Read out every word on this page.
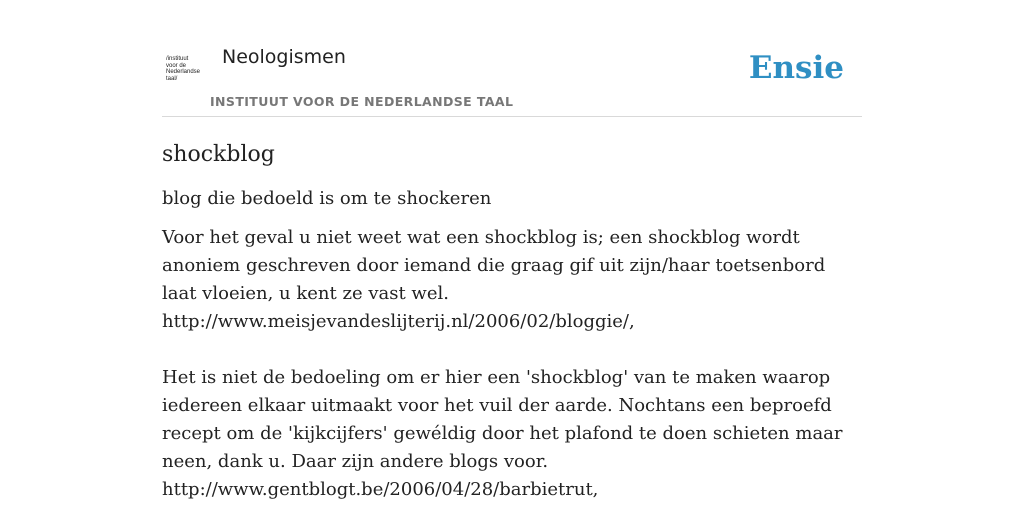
/instituut
voor de
Nederlandse
taal/
Neologismen
INSTITUUT VOOR DE NEDERLANDSE TAAL
Ensie
shockblog

blog die bedoeld is om te shockeren

Voor het geval u niet weet wat een shockblog is; een shockblog wordt anoniem geschreven door iemand die graag gif uit zijn/haar toetsenbord laat vloeien, u kent ze vast wel.
http://www.meisjevandeslijterij.nl/2006/02/bloggie/,

Het is niet de bedoeling om er hier een 'shockblog' van te maken waarop iedereen elkaar uitmaakt voor het vuil der aarde. Nochtans een beproefd recept om de 'kijkcijfers' gewéldig door het plafond te doen schieten maar neen, dank u. Daar zijn andere blogs voor.
http://www.gentblogt.be/2006/04/28/barbietrut,
